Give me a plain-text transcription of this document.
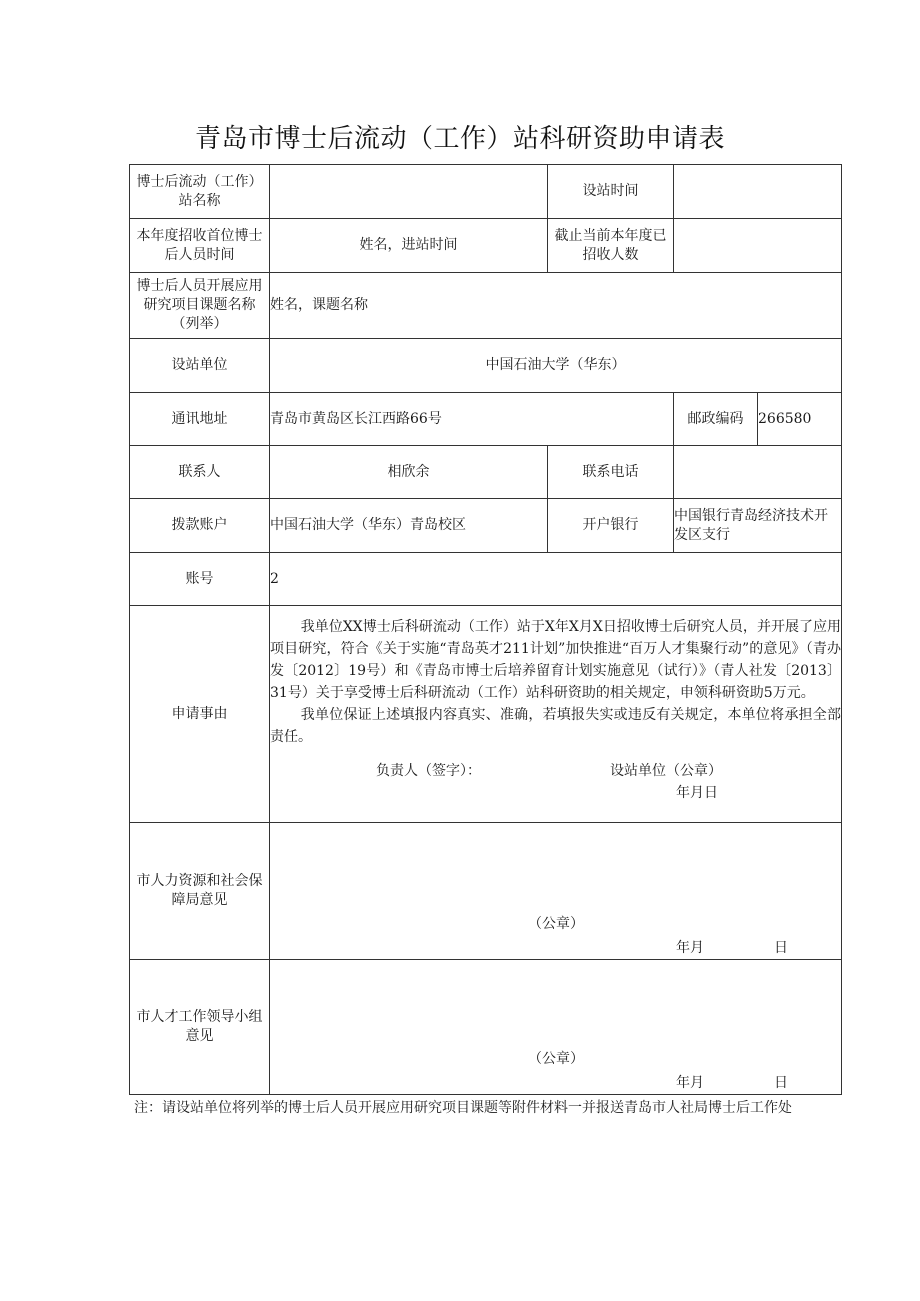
青岛市博士后流动（工作）站科研资助申请表
博士后流动（工作）站名称		设站时间		
本年度招收首位博士后人员时间	姓名，进站时间	截止当前本年度已招收人数		
博士后人员开展应用研究项目课题名称（列举）	姓名，课题名称			
设站单位	中国石油大学（华东）			
通讯地址	青岛市黄岛区长江西路66号		邮政编码	266580
联系人	相欣余	联系电话		
拨款账户	中国石油大学（华东）青岛校区	开户银行	中国银行青岛经济技术开发区支行	
账号	2			
申请事由	我单位XX博士后科研流动（工作）站于X年X月X日招收博士后研究人员，并开展了应用项目研究，符合《关于实施“青岛英才211计划”加快推进“百万人才集聚行动”的意见》（青办发〔2012〕19号）和《青岛市博士后培养留育计划实施意见（试行）》（青人社发〔2013〕31号）关于享受博士后科研流动（工作）站科研资助的相关规定，申领科研资助5万元。

我单位保证上述填报内容真实、准确，若填报失实或违反有关规定，本单位将承担全部责任。

负责人（签字）： 设站单位（公章）
年月日			

市人力资源和社会保障局意见	（公章）
年月 日			

市人才工作领导小组意见	（公章）
年月 日			
注：请设站单位将列举的博士后人员开展应用研究项目课题等附件材料一并报送青岛市人社局博士后工作处
